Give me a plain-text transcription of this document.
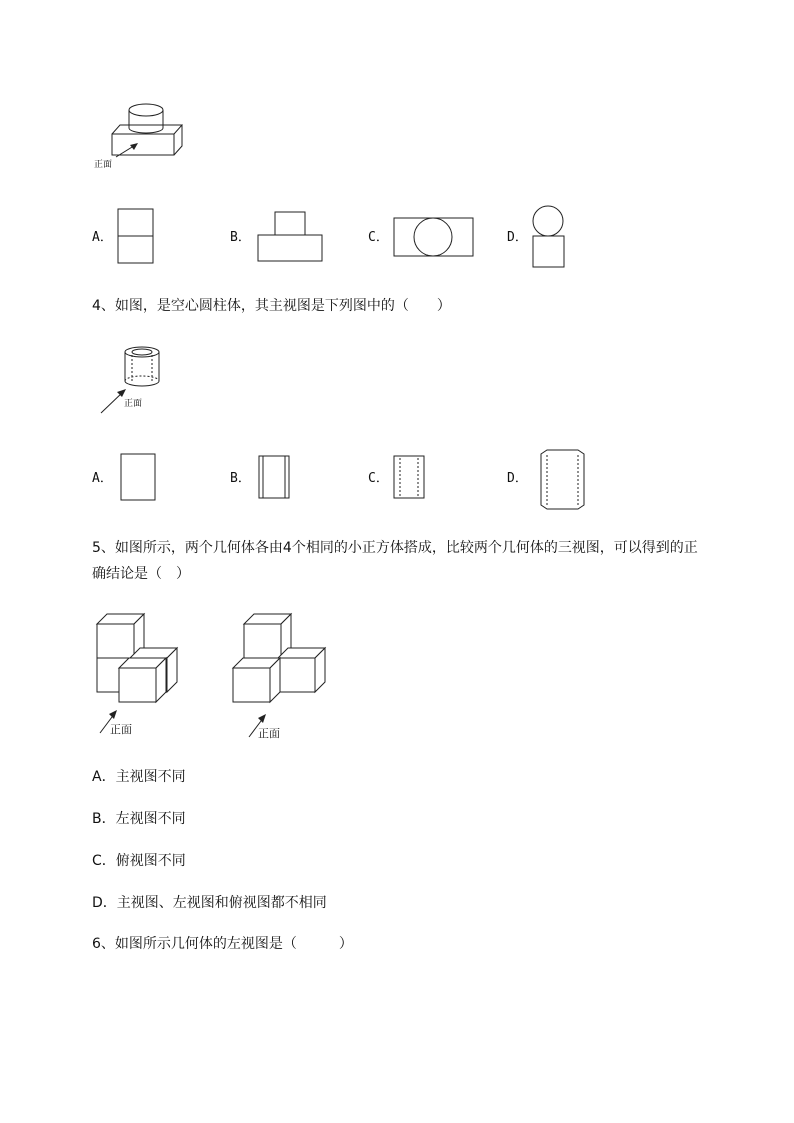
正面
A．	B．	C．	D．
4、如图，是空心圆柱体，其主视图是下列图中的（　　）
正面
A．	B．	C．	D．
5、如图所示，两个几何体各由4个相同的小正方体搭成，比较两个几何体的三视图，可以得到的正
确结论是（　）
正面	正面
A．主视图不同
B．左视图不同
C．俯视图不同
D．主视图、左视图和俯视图都不相同
6、如图所示几何体的左视图是（　　　）
